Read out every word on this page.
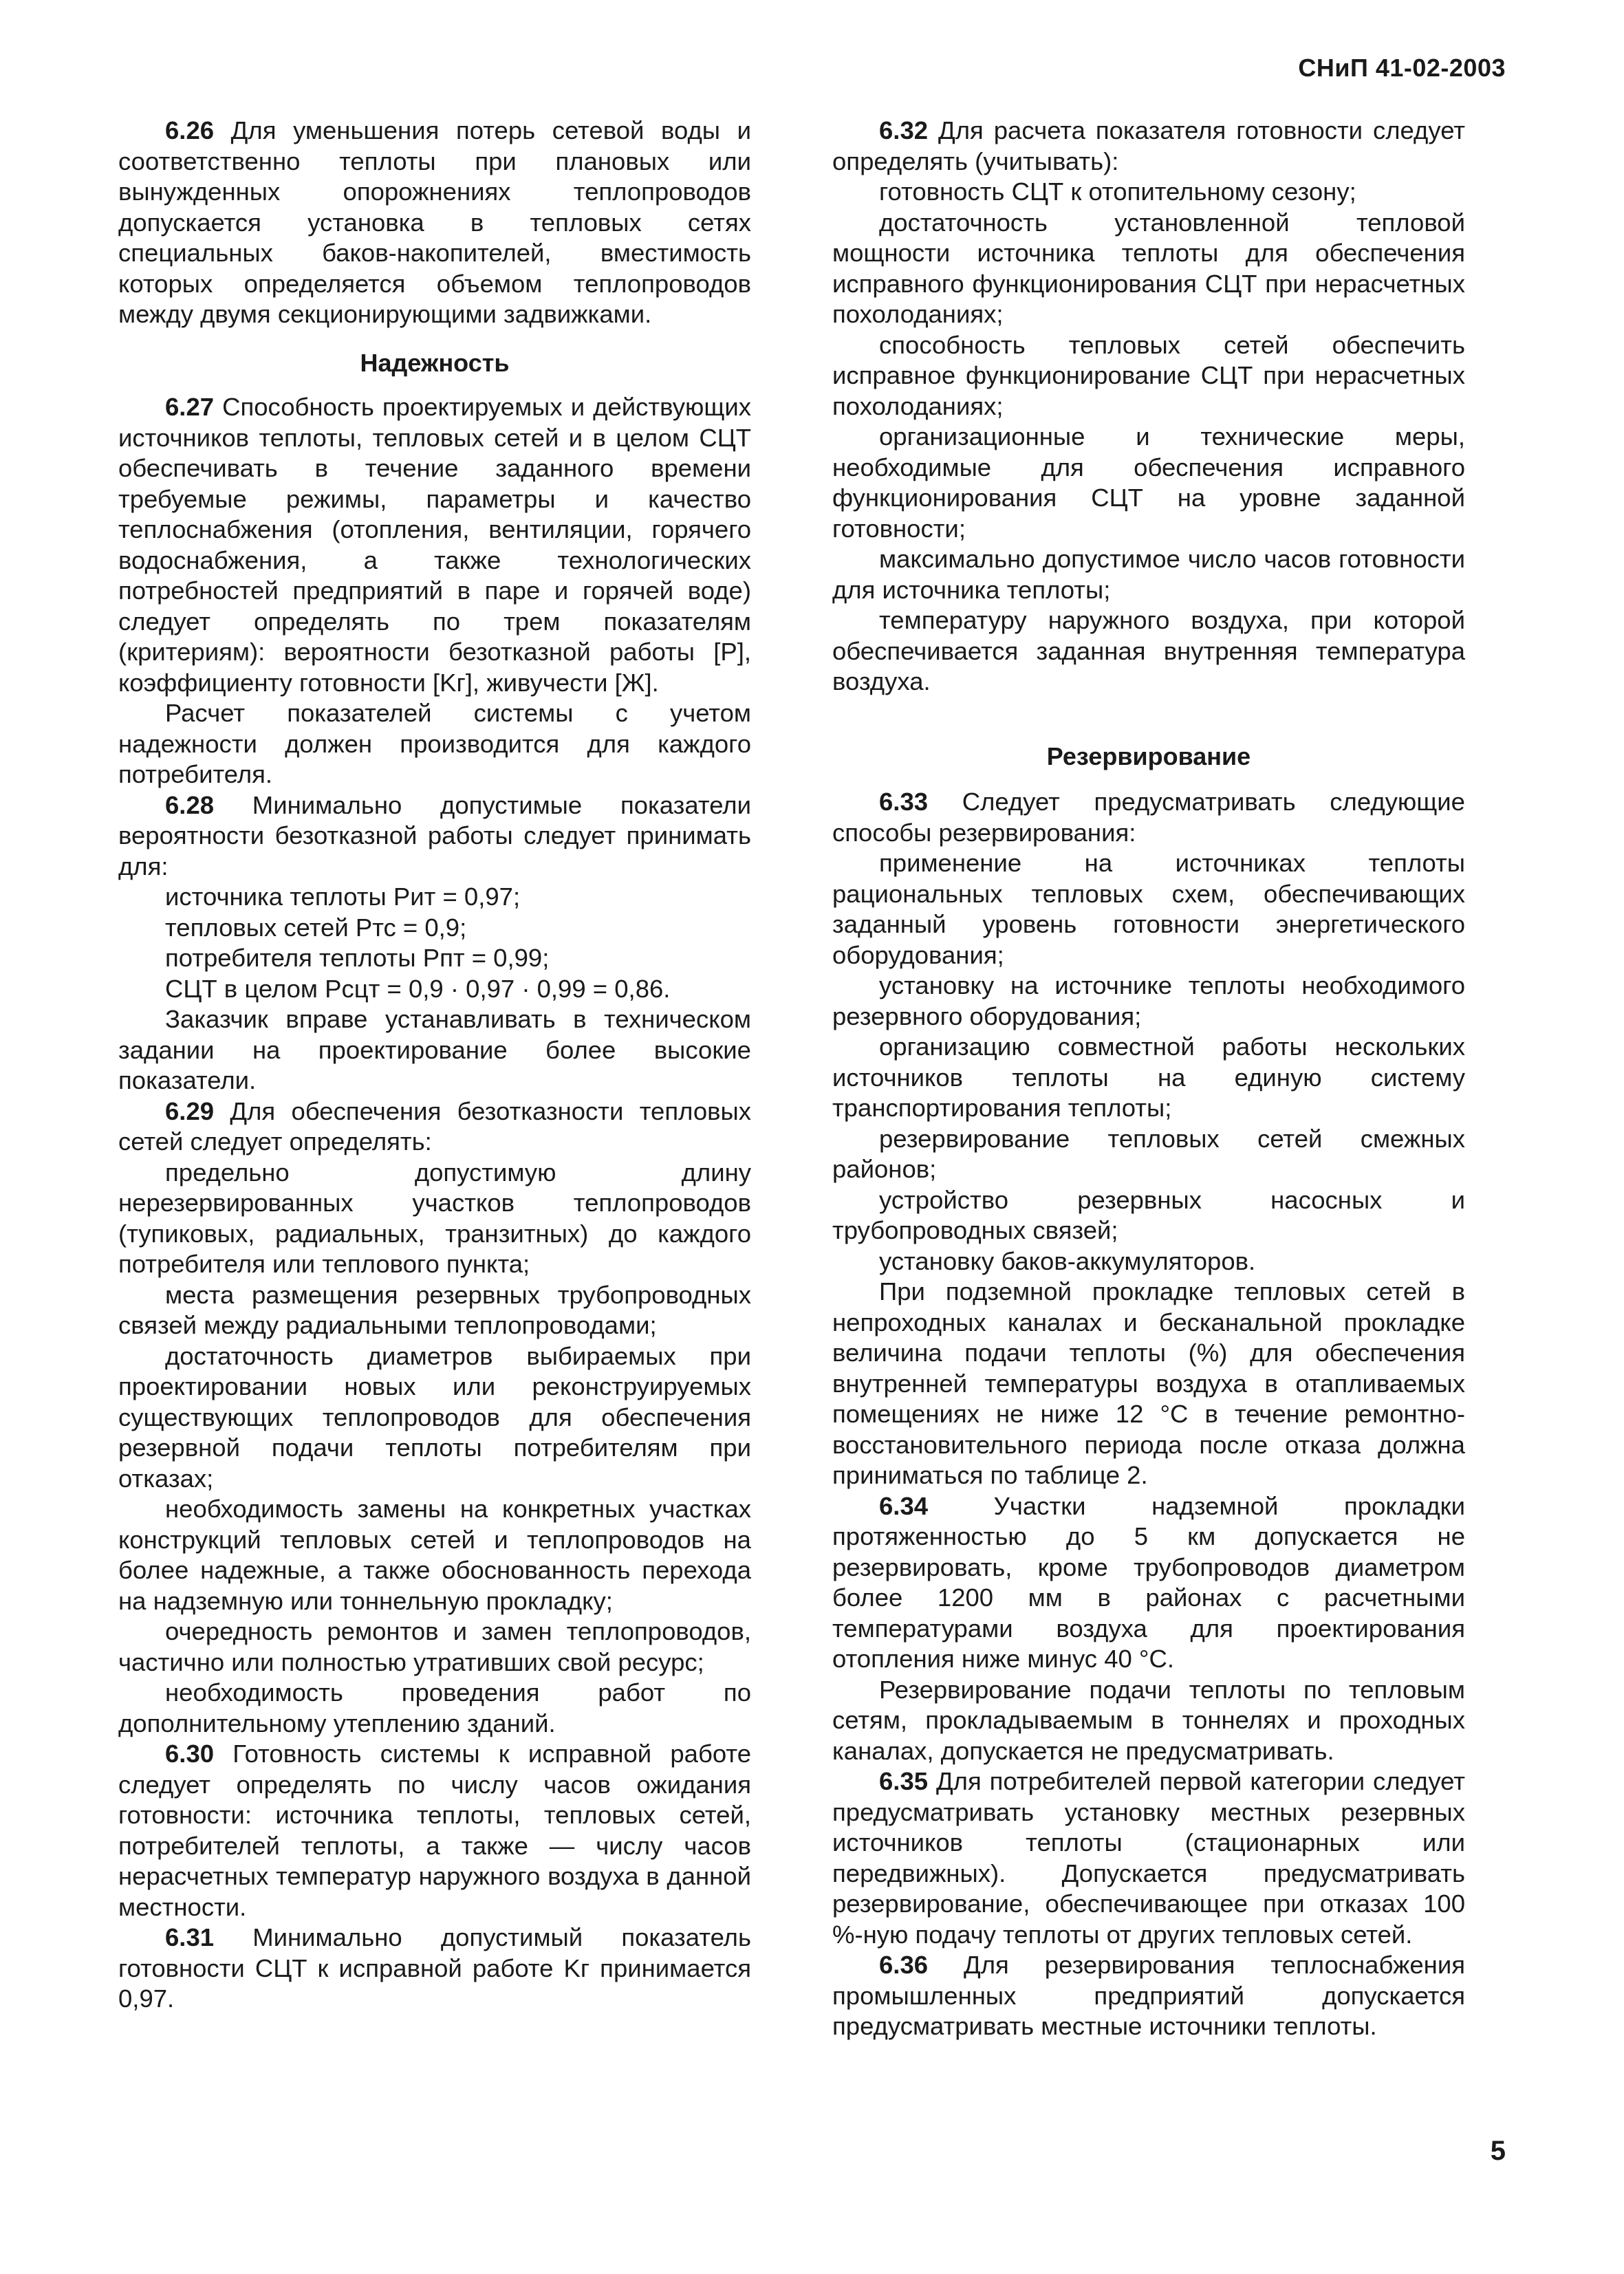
СНиП 41-02-2003

6.26 Для уменьшения потерь сетевой воды и соответственно теплоты при плановых или вынужденных опорожнениях теплопроводов допускается установка в тепловых сетях специальных баков-накопителей, вместимость которых определяется объемом теплопроводов между двумя секционирующими задвижками.

Надежность

6.27 Способность проектируемых и действующих источников теплоты, тепловых сетей и в целом СЦТ обеспечивать в течение заданного времени требуемые режимы, параметры и качество теплоснабжения (отопления, вентиляции, горячего водоснабжения, а также технологических потребностей предприятий в паре и горячей воде) следует определять по трем показателям (критериям): вероятности безотказной работы [Р], коэффициенту готовности [Kг], живучести [Ж].

Расчет показателей системы с учетом надежности должен производится для каждого потребителя.

6.28 Минимально допустимые показатели вероятности безотказной работы следует принимать для:

источника теплоты Pит = 0,97;

тепловых сетей Pтс = 0,9;

потребителя теплоты Pпт = 0,99;

СЦТ в целом Pсцт = 0,9 · 0,97 · 0,99 = 0,86.

Заказчик вправе устанавливать в техническом задании на проектирование более высокие показатели.

6.29 Для обеспечения безотказности тепловых сетей следует определять:

предельно допустимую длину нерезервированных участков теплопроводов (тупиковых, радиальных, транзитных) до каждого потребителя или теплового пункта;

места размещения резервных трубопроводных связей между радиальными теплопроводами;

достаточность диаметров выбираемых при проектировании новых или реконструируемых существующих теплопроводов для обеспечения резервной подачи теплоты потребителям при отказах;

необходимость замены на конкретных участках конструкций тепловых сетей и теплопроводов на более надежные, а также обоснованность перехода на надземную или тоннельную прокладку;

очередность ремонтов и замен теплопроводов, частично или полностью утративших свой ресурс;

необходимость проведения работ по дополнительному утеплению зданий.

6.30 Готовность системы к исправной работе следует определять по числу часов ожидания готовности: источника теплоты, тепловых сетей, потребителей теплоты, а также — числу часов нерасчетных температур наружного воздуха в данной местности.

6.31 Минимально допустимый показатель готовности СЦТ к исправной работе Kг принимается 0,97.

6.32 Для расчета показателя готовности следует определять (учитывать):

готовность СЦТ к отопительному сезону;

достаточность установленной тепловой мощности источника теплоты для обеспечения исправного функционирования СЦТ при нерасчетных похолоданиях;

способность тепловых сетей обеспечить исправное функционирование СЦТ при нерасчетных похолоданиях;

организационные и технические меры, необходимые для обеспечения исправного функционирования СЦТ на уровне заданной готовности;

максимально допустимое число часов готовности для источника теплоты;

температуру наружного воздуха, при которой обеспечивается заданная внутренняя температура воздуха.

Резервирование

6.33 Следует предусматривать следующие способы резервирования:

применение на источниках теплоты рациональных тепловых схем, обеспечивающих заданный уровень готовности энергетического оборудования;

установку на источнике теплоты необходимого резервного оборудования;

организацию совместной работы нескольких источников теплоты на единую систему транспортирования теплоты;

резервирование тепловых сетей смежных районов;

устройство резервных насосных и трубопроводных связей;

установку баков-аккумуляторов.

При подземной прокладке тепловых сетей в непроходных каналах и бесканальной прокладке величина подачи теплоты (%) для обеспечения внутренней температуры воздуха в отапливаемых помещениях не ниже 12 °С в течение ремонтно-восстановительного периода после отказа должна приниматься по таблице 2.

6.34	Участки надземной прокладки протяженностью до 5 км допускается не резервировать, кроме трубопроводов диаметром более 1200 мм в районах с расчетными температурами воздуха для проектирования отопления ниже минус 40 °С.

Резервирование подачи теплоты по тепловым сетям, прокладываемым в тоннелях и проходных каналах, допускается не предусматривать.

6.35 Для потребителей первой категории следует предусматривать установку местных резервных источников теплоты (стационарных или передвижных). Допускается предусматривать резервирование, обеспечивающее при отказах 100 %-ную подачу теплоты от других тепловых сетей.

6.36 Для резервирования теплоснабжения промышленных предприятий допускается предусматривать местные источники теплоты.

5
